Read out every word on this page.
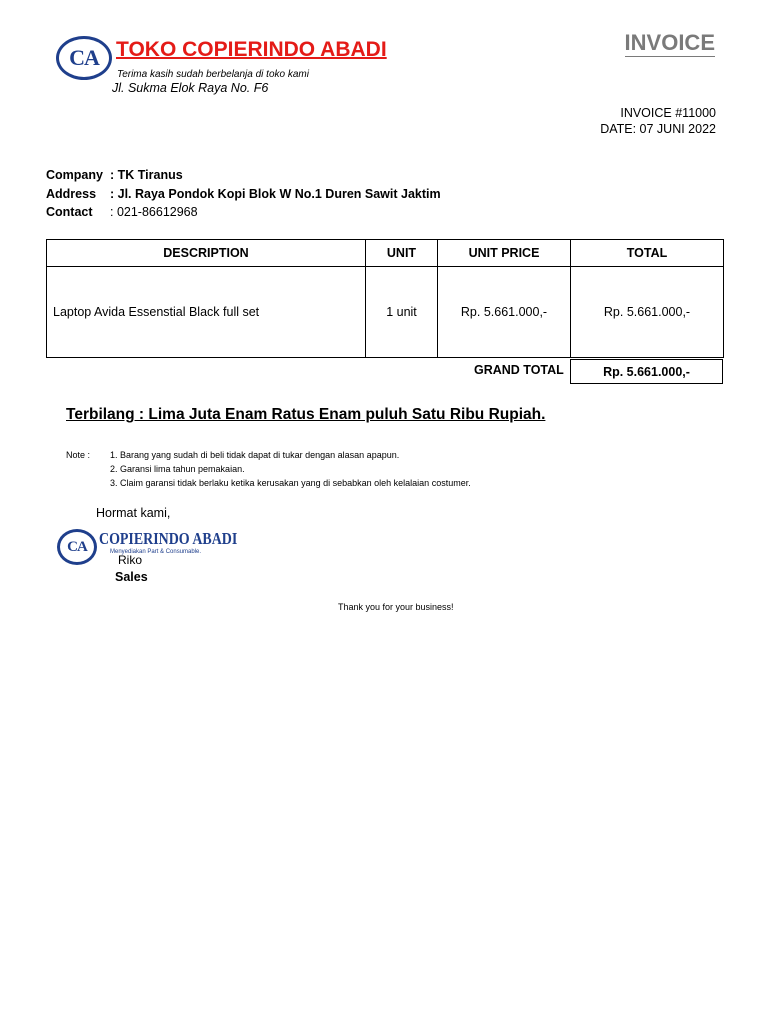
CA TOKO COPIERINDO ABADI
Terima kasih sudah berbelanja di toko kami
Jl. Sukma Elok Raya No. F6
INVOICE
INVOICE #11000
DATE: 07 JUNI 2022
Company : TK Tiranus
Address : Jl. Raya Pondok Kopi Blok W No.1 Duren Sawit Jaktim
Contact : 021-86612968
DESCRIPTION	UNIT	UNIT PRICE	TOTAL
Laptop Avida Essenstial Black full set	1 unit	Rp. 5.661.000,-	Rp. 5.661.000,-
GRAND TOTAL	Rp. 5.661.000,-
Terbilang : Lima Juta Enam Ratus Enam puluh Satu Ribu Rupiah.
Note : 1. Barang yang sudah di beli tidak dapat di tukar dengan alasan apapun.
2. Garansi lima tahun pemakaian.
3. Claim garansi tidak berlaku ketika kerusakan yang di sebabkan oleh kelalaian costumer.
Hormat kami,
CA COPIERINDO ABADI
Menyediakan Part & Consumable.
Riko
Sales
Thank you for your business!
